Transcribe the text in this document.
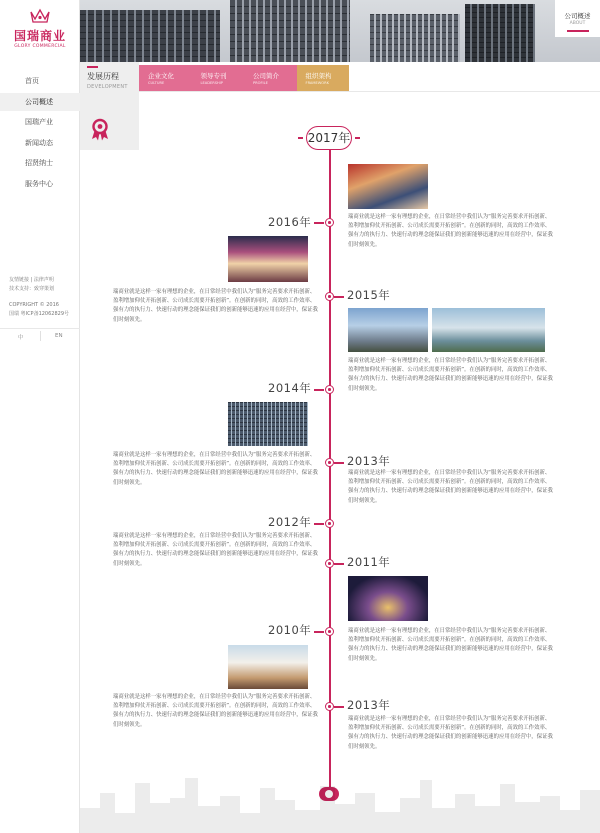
国瑞商业
GLORY COMMERCIAL
首页
公司概述
国瑞产业
新闻动态
招贤纳士
服务中心

友情链接 | 法律声明

技术支持：致穿策划

COPYRIGHT © 2016

国瑞 粤ICP备12062829号

中	EN
公司概述
ABOUT
发展历程
DEVELOPMENT
企业文化
CULTURE
领导专刊
LEADERSHIP
公司简介
PROFILE
组织架构
FRAMEWORK
2017年
2016年	瑞商业就是这样一家有理想的企业，在日常经营中我们认为“服务完善要求开拓创新、盈利增加仰仗开拓创新、公司成长需要开拓创新”。在创新的同时，高效的工作效率、强有力的执行力、快速行动的理念能保证我们的创新能够迅速的应用在经营中，保证我们时刻领先。
瑞商业就是这样一家有理想的企业，在日常经营中我们认为“服务完善要求开拓创新、盈利增加仰仗开拓创新、公司成长需要开拓创新”。在创新的同时，高效的工作效率、强有力的执行力、快速行动的理念能保证我们的创新能够迅速的应用在经营中，保证我们时刻领先。
2015年
瑞商业就是这样一家有理想的企业，在日常经营中我们认为“服务完善要求开拓创新、盈利增加仰仗开拓创新、公司成长需要开拓创新”。在创新的同时，高效的工作效率、强有力的执行力、快速行动的理念能保证我们的创新能够迅速的应用在经营中，保证我们时刻领先。
2014年
瑞商业就是这样一家有理想的企业，在日常经营中我们认为“服务完善要求开拓创新、盈利增加仰仗开拓创新、公司成长需要开拓创新”。在创新的同时，高效的工作效率、强有力的执行力、快速行动的理念能保证我们的创新能够迅速的应用在经营中，保证我们时刻领先。
2013年
瑞商业就是这样一家有理想的企业，在日常经营中我们认为“服务完善要求开拓创新、盈利增加仰仗开拓创新、公司成长需要开拓创新”。在创新的同时，高效的工作效率、强有力的执行力、快速行动的理念能保证我们的创新能够迅速的应用在经营中，保证我们时刻领先。
2012年
瑞商业就是这样一家有理想的企业，在日常经营中我们认为“服务完善要求开拓创新、盈利增加仰仗开拓创新、公司成长需要开拓创新”。在创新的同时，高效的工作效率、强有力的执行力、快速行动的理念能保证我们的创新能够迅速的应用在经营中，保证我们时刻领先。	2011年
瑞商业就是这样一家有理想的企业，在日常经营中我们认为“服务完善要求开拓创新、盈利增加仰仗开拓创新、公司成长需要开拓创新”。在创新的同时，高效的工作效率、强有力的执行力、快速行动的理念能保证我们的创新能够迅速的应用在经营中，保证我们时刻领先。
2010年
瑞商业就是这样一家有理想的企业，在日常经营中我们认为“服务完善要求开拓创新、盈利增加仰仗开拓创新、公司成长需要开拓创新”。在创新的同时，高效的工作效率、强有力的执行力、快速行动的理念能保证我们的创新能够迅速的应用在经营中，保证我们时刻领先。
2013年
瑞商业就是这样一家有理想的企业，在日常经营中我们认为“服务完善要求开拓创新、盈利增加仰仗开拓创新、公司成长需要开拓创新”。在创新的同时，高效的工作效率、强有力的执行力、快速行动的理念能保证我们的创新能够迅速的应用在经营中，保证我们时刻领先。
